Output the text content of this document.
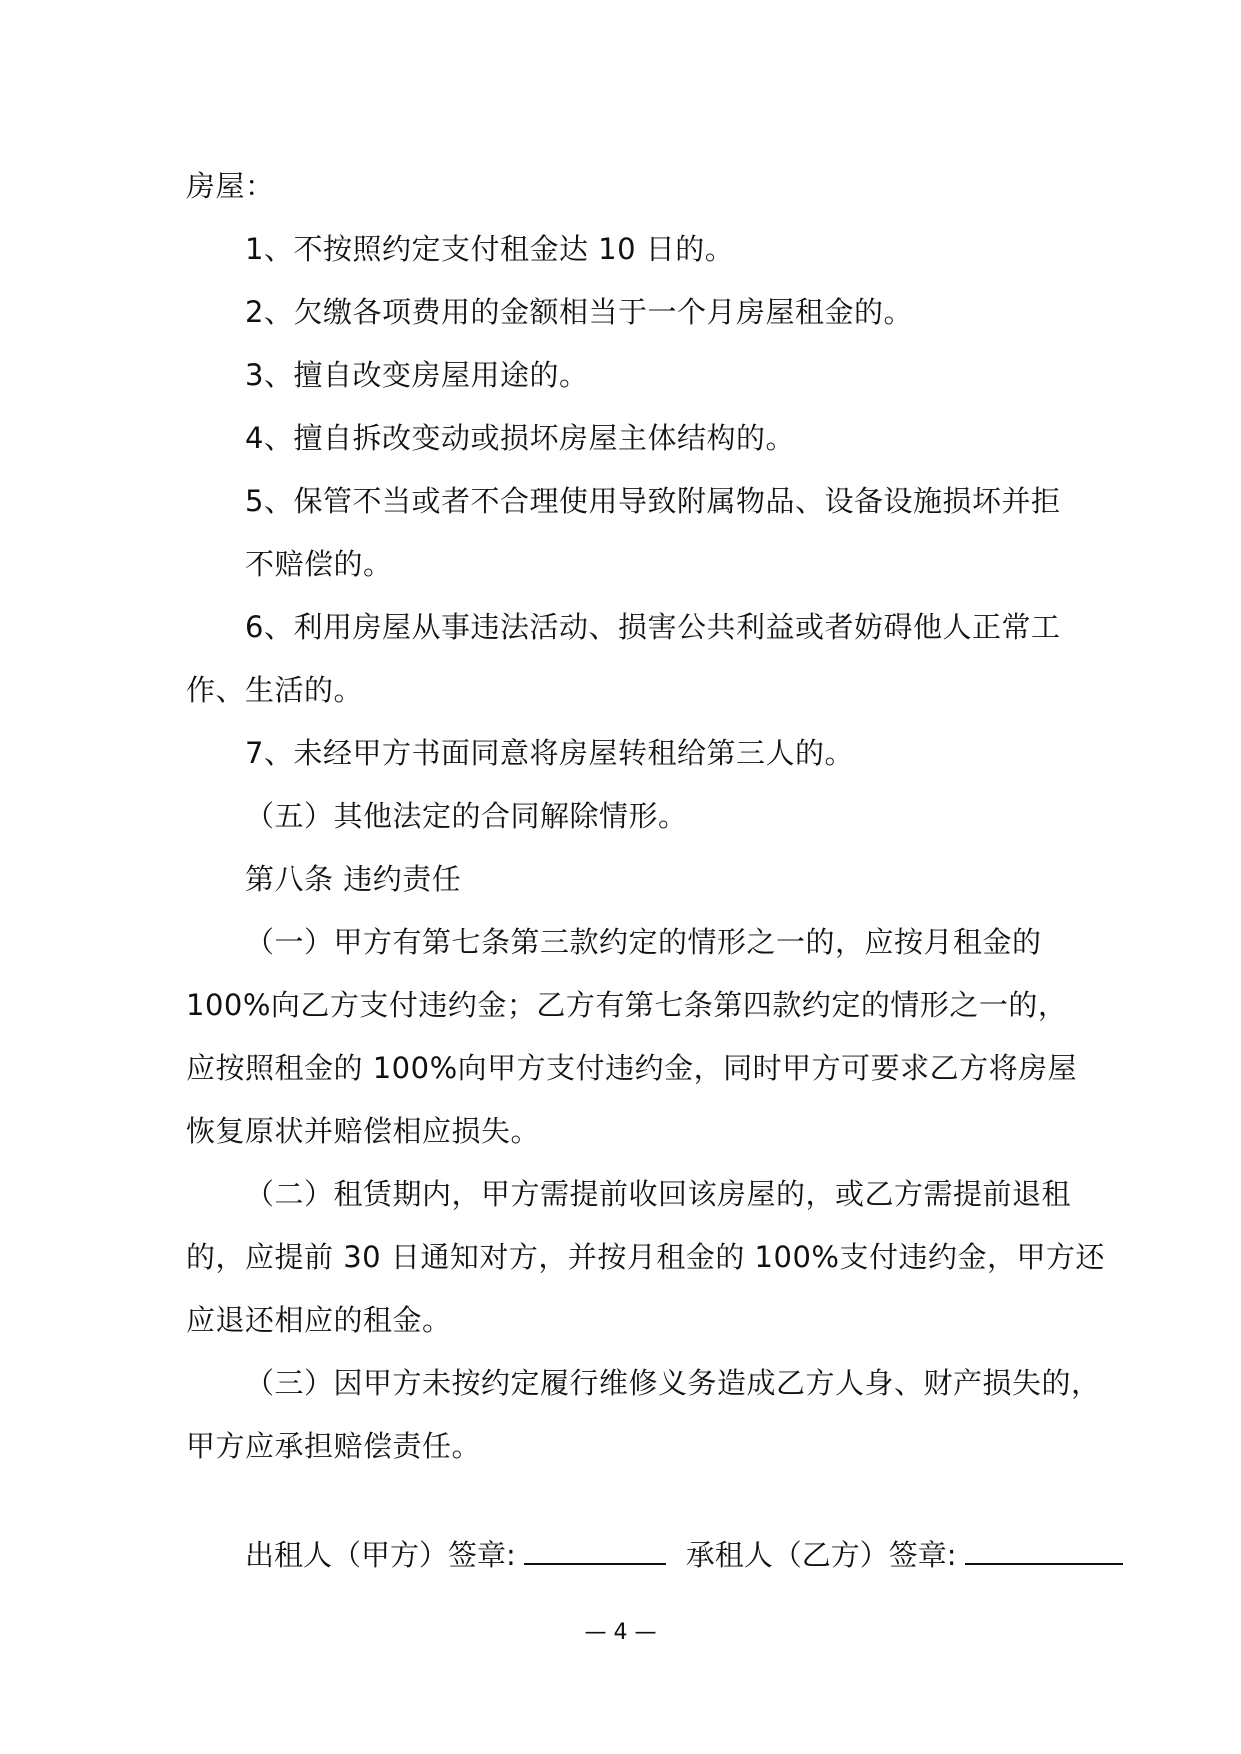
房屋：
1、不按照约定支付租金达 10 日的。
2、欠缴各项费用的金额相当于一个月房屋租金的。
3、擅自改变房屋用途的。
4、擅自拆改变动或损坏房屋主体结构的。
5、保管不当或者不合理使用导致附属物品、设备设施损坏并拒
不赔偿的。
6、利用房屋从事违法活动、损害公共利益或者妨碍他人正常工
作、生活的。
7、未经甲方书面同意将房屋转租给第三人的。
（五）其他法定的合同解除情形。
第八条 违约责任
（一）甲方有第七条第三款约定的情形之一的，应按月租金的
100%向乙方支付违约金；乙方有第七条第四款约定的情形之一的，
应按照租金的 100%向甲方支付违约金，同时甲方可要求乙方将房屋
恢复原状并赔偿相应损失。
（二）租赁期内，甲方需提前收回该房屋的，或乙方需提前退租
的，应提前 30 日通知对方，并按月租金的 100%支付违约金，甲方还
应退还相应的租金。
（三）因甲方未按约定履行维修义务造成乙方人身、财产损失的，
甲方应承担赔偿责任。
出租人（甲方）签章:	承租人（乙方）签章:
— 4 —
